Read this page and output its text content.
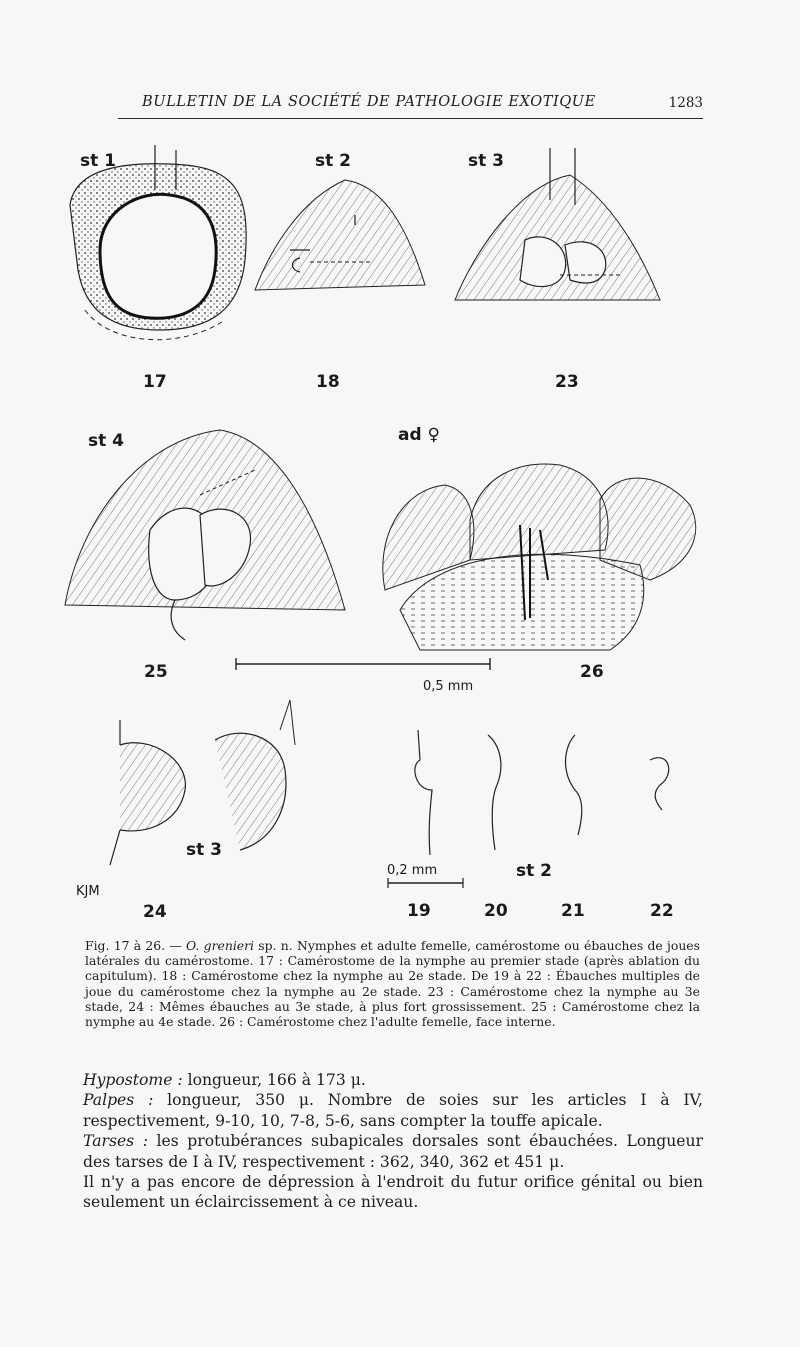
BULLETIN DE LA SOCIÉTÉ DE PATHOLOGIE EXOTIQUE	1283
st 1
17
st 2
18
st 3
23
st 4
25
ad ♀
26
0,5 mm
st 3
KJM
24
0,2 mm	st 2
19	20	21	22
Fig. 17 à 26. — O. grenieri sp. n. Nymphes et adulte femelle, camérostome ou ébauches de joues latérales du camérostome. 17 : Camérostome de la nymphe au premier stade (après ablation du capitulum). 18 : Camérostome chez la nymphe au 2e stade. De 19 à 22 : Ébauches multiples de joue du camérostome chez la nymphe au 2e stade. 23 : Camérostome chez la nymphe au 3e stade, 24 : Mêmes ébauches au 3e stade, à plus fort grossissement. 25 : Camérostome chez la nymphe au 4e stade. 26 : Camérostome chez l'adulte femelle, face interne.

Hypostome : longueur, 166 à 173 μ.

Palpes : longueur, 350 μ. Nombre de soies sur les articles I à IV, respectivement, 9-10, 10, 7-8, 5-6, sans compter la touffe apicale.

Tarses : les protubérances subapicales dorsales sont ébauchées. Longueur des tarses de I à IV, respectivement : 362, 340, 362 et 451 μ.

Il n'y a pas encore de dépression à l'endroit du futur orifice génital ou bien seulement un éclaircissement à ce niveau.
